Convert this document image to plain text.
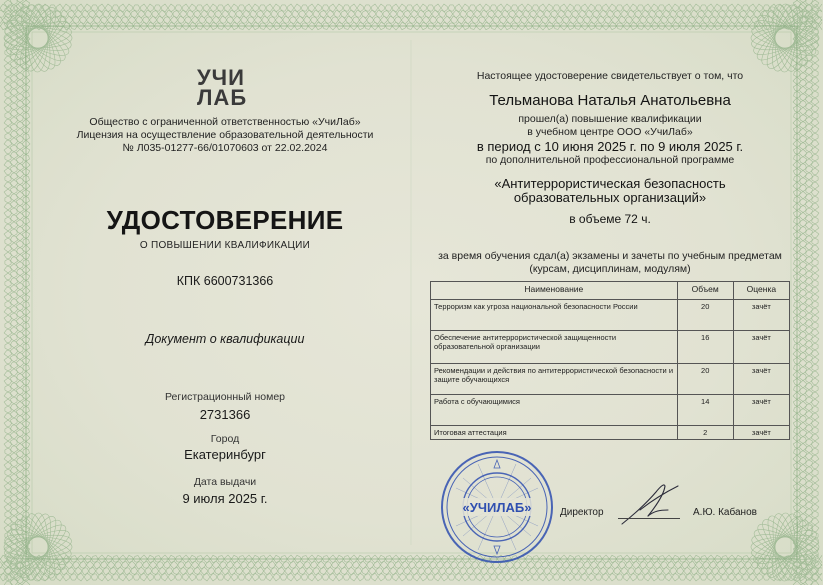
УЧИ
ЛАБ
Общество с ограниченной ответственностью «УчиЛаб»
Лицензия на осуществление образовательной деятельности
№ Л035-01277-66/01070603 от 22.02.2024
УДОСТОВЕРЕНИЕ
О ПОВЫШЕНИИ КВАЛИФИКАЦИИ
КПК 6600731366
Документ о квалификации
Регистрационный номер
2731366
Город
Екатеринбург
Дата выдачи
9 июля 2025 г.
Настоящее удостоверение свидетельствует о том, что
Тельманова Наталья Анатольевна
прошел(а) повышение квалификации
в учебном центре ООО «УчиЛаб»
в период с 10 июня 2025 г. по 9 июля 2025 г.
по дополнительной профессиональной программе
«Антитеррористическая безопасность
образовательных организаций»
в объеме 72 ч.
за время обучения сдал(а) экзамены и зачеты по учебным предметам
(курсам, дисциплинам, модулям)
Наименование	Объем	Оценка
Терроризм как угроза национальной безопасности России	20	зачёт
Обеспечение антитеррористической защищенности образовательной организации	16	зачёт
Рекомендации и действия по антитеррористической безопасности и защите обучающихся	20	зачёт
Работа с обучающимися	14	зачёт
Итоговая аттестация	2	зачёт
«УЧИЛАБ»	Директор	А.Ю. Кабанов
